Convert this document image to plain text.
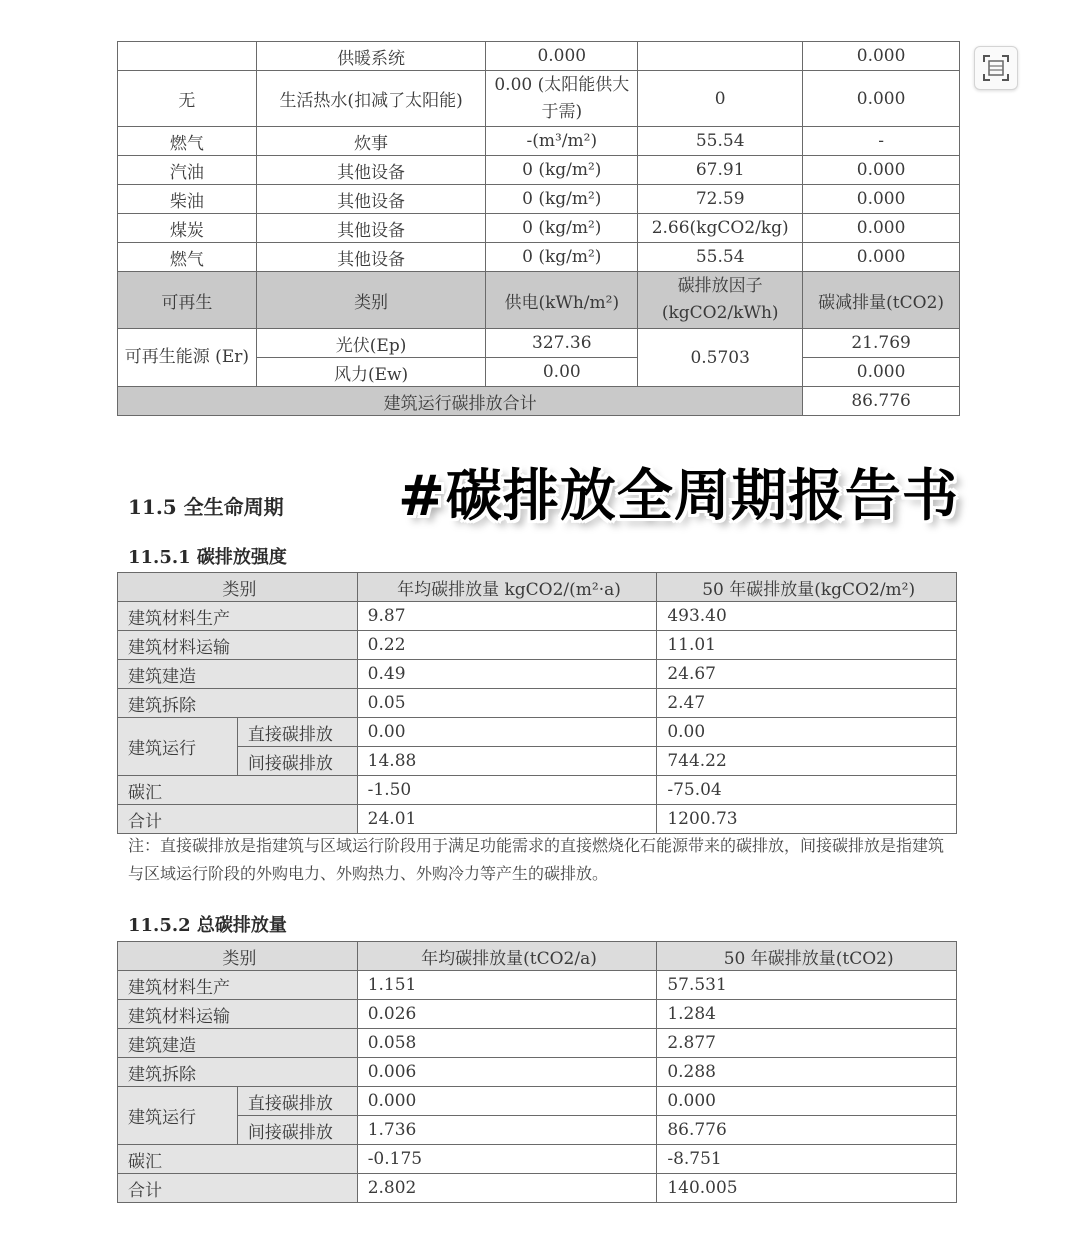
	供暖系统	0.000		0.000
无	生活热水(扣减了太阳能)	0.00 (太阳能供大于需)	0	0.000
燃气	炊事	-(m³/m²)	55.54	-
汽油	其他设备	0 (kg/m²)	67.91	0.000
柴油	其他设备	0 (kg/m²)	72.59	0.000
煤炭	其他设备	0 (kg/m²)	2.66(kgCO2/kg)	0.000
燃气	其他设备	0 (kg/m²)	55.54	0.000
可再生	类别	供电(kWh/m²)	碳排放因子 (kgCO2/kWh)	碳减排量(tCO2)
可再生能源 (Er)	光伏(Ep)	327.36	0.5703	21.769
	风力(Ew)	0.00		0.000
建筑运行碳排放合计				86.776
#碳排放全周期报告书
11.5 全生命周期
11.5.1 碳排放强度
类别		年均碳排放量 kgCO2/(m²·a)	50 年碳排放量(kgCO2/m²)
建筑材料生产		9.87	493.40
建筑材料运输		0.22	11.01
建筑建造		0.49	24.67
建筑拆除		0.05	2.47
建筑运行	直接碳排放	0.00	0.00
	间接碳排放	14.88	744.22
碳汇		-1.50	-75.04
合计		24.01	1200.73
注：直接碳排放是指建筑与区域运行阶段用于满足功能需求的直接燃烧化石能源带来的碳排放，间接碳排放是指建筑与区域运行阶段的外购电力、外购热力、外购冷力等产生的碳排放。
11.5.2 总碳排放量
类别		年均碳排放量(tCO2/a)	50 年碳排放量(tCO2)
建筑材料生产		1.151	57.531
建筑材料运输		0.026	1.284
建筑建造		0.058	2.877
建筑拆除		0.006	0.288
建筑运行	直接碳排放	0.000	0.000
	间接碳排放	1.736	86.776
碳汇		-0.175	-8.751
合计		2.802	140.005
